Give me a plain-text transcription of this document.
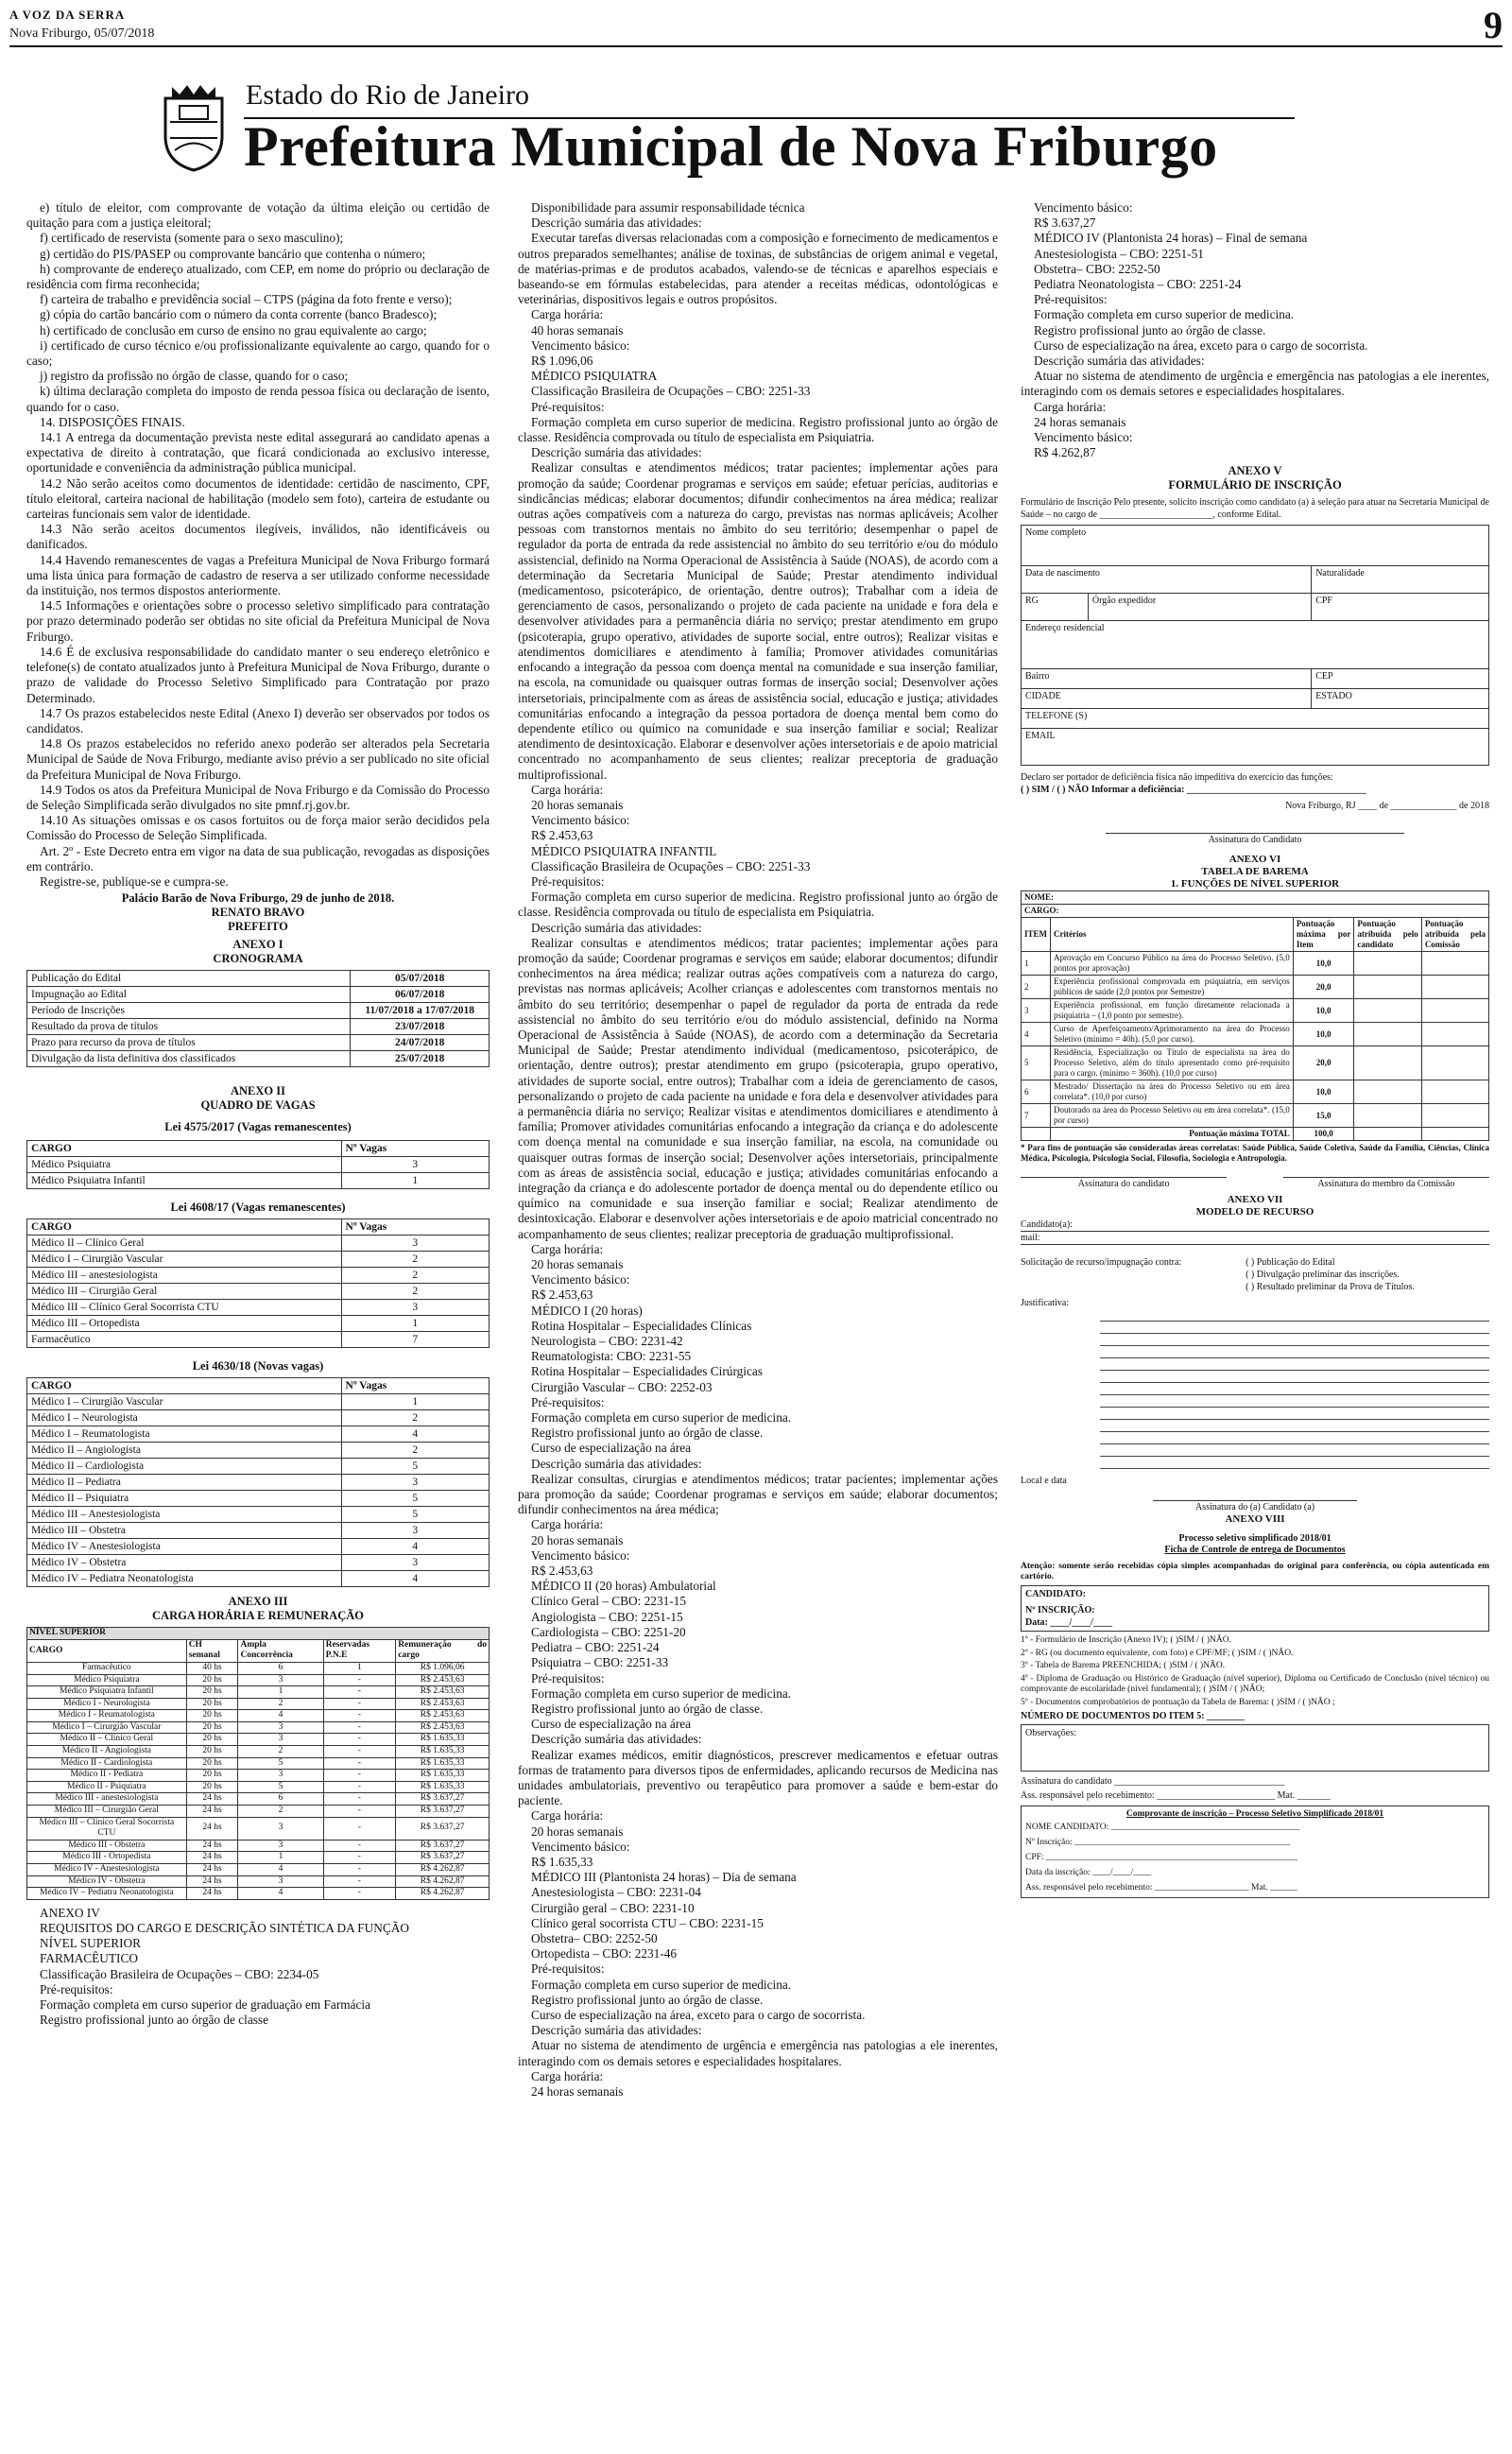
A VOZ DA SERRA
Nova Friburgo, 05/07/2018	9
Estado do Rio de Janeiro
Prefeitura Municipal de Nova Friburgo

e) título de eleitor, com comprovante de votação da última eleição ou certidão de quitação para com a justiça eleitoral;

f) certificado de reservista (somente para o sexo masculino);

g) certidão do PIS/PASEP ou comprovante bancário que contenha o número;

h) comprovante de endereço atualizado, com CEP, em nome do próprio ou declaração de residência com firma reconhecida;

f) carteira de trabalho e previdência social – CTPS (página da foto frente e verso);

g) cópia do cartão bancário com o número da conta corrente (banco Bradesco);

h) certificado de conclusão em curso de ensino no grau equivalente ao cargo;

i) certificado de curso técnico e/ou profissionalizante equivalente ao cargo, quando for o caso;

j) registro da profissão no órgão de classe, quando for o caso;

k) última declaração completa do imposto de renda pessoa física ou declaração de isento, quando for o caso.

14. DISPOSIÇÕES FINAIS.

14.1 A entrega da documentação prevista neste edital assegurará ao candidato apenas a expectativa de direito à contratação, que ficará condicionada ao exclusivo interesse, oportunidade e conveniência da administração pública municipal.

14.2 Não serão aceitos como documentos de identidade: certidão de nascimento, CPF, título eleitoral, carteira nacional de habilitação (modelo sem foto), carteira de estudante ou carteiras funcionais sem valor de identidade.

14.3 Não serão aceitos documentos ilegíveis, inválidos, não identificáveis ou danificados.

14.4 Havendo remanescentes de vagas a Prefeitura Municipal de Nova Friburgo formará uma lista única para formação de cadastro de reserva a ser utilizado conforme necessidade da instituição, nos termos dispostos anteriormente.

14.5 Informações e orientações sobre o processo seletivo simplificado para contratação por prazo determinado poderão ser obtidas no site oficial da Prefeitura Municipal de Nova Friburgo.

14.6 É de exclusiva responsabilidade do candidato manter o seu endereço eletrônico e telefone(s) de contato atualizados junto à Prefeitura Municipal de Nova Friburgo, durante o prazo de validade do Processo Seletivo Simplificado para Contratação por prazo Determinado.

14.7 Os prazos estabelecidos neste Edital (Anexo I) deverão ser observados por todos os candidatos.

14.8 Os prazos estabelecidos no referido anexo poderão ser alterados pela Secretaria Municipal de Saúde de Nova Friburgo, mediante aviso prévio a ser publicado no site oficial da Prefeitura Municipal de Nova Friburgo.

14.9 Todos os atos da Prefeitura Municipal de Nova Friburgo e da Comissão do Processo de Seleção Simplificada serão divulgados no site pmnf.rj.gov.br.

14.10 As situações omissas e os casos fortuitos ou de força maior serão decididos pela Comissão do Processo de Seleção Simplificada.

Art. 2º - Este Decreto entra em vigor na data de sua publicação, revogadas as disposições em contrário.

Registre-se, publique-se e cumpra-se.

Palácio Barão de Nova Friburgo, 29 de junho de 2018.
RENATO BRAVO
PREFEITO
ANEXO I
CRONOGRAMA
Publicação do Edital	05/07/2018
Impugnação ao Edital	06/07/2018
Período de Inscrições	11/07/2018 a 17/07/2018
Resultado da prova de títulos	23/07/2018
Prazo para recurso da prova de títulos	24/07/2018
Divulgação da lista definitiva dos classificados	25/07/2018
ANEXO II
QUADRO DE VAGAS
Lei 4575/2017 (Vagas remanescentes)
CARGO	Nº Vagas
Médico Psiquiatra	3
Médico Psiquiatra Infantil	1
Lei 4608/17 (Vagas remanescentes)
CARGO	Nº Vagas
Médico II – Clínico Geral	3
Médico I – Cirurgião Vascular	2
Médico III – anestesiologista	2
Médico III – Cirurgião Geral	2
Médico III – Clínico Geral Socorrista CTU	3
Médico III – Ortopedista	1
Farmacêutico	7
Lei 4630/18 (Novas vagas)
CARGO	Nº Vagas
Médico I – Cirurgião Vascular	1
Médico I – Neurologista	2
Médico I – Reumatologista	4
Médico II – Angiologista	2
Médico II – Cardiologista	5
Médico II – Pediatra	3
Médico II – Psiquiatra	5
Médico III – Anestesiologista	5
Médico III – Obstetra	3
Médico IV – Anestesiologista	4
Médico IV – Obstetra	3
Médico IV – Pediatra Neonatologista	4
ANEXO III
CARGA HORÁRIA E REMUNERAÇÃO
NÍVEL SUPERIOR				
CARGO	CH semanal	Ampla Concorrência	Reservadas P.N.E	Remuneração do cargo
Farmacêutico	40 hs	6	1	R$ 1.096,06
Médico Psiquiatra	20 hs	3	-	R$ 2.453,63
Médico Psiquiatra Infantil	20 hs	1	-	R$ 2.453,63
Médico I - Neurologista	20 hs	2	-	R$ 2.453,63
Médico I - Reumatologista	20 hs	4	-	R$ 2.453,63
Médico I – Cirurgião Vascular	20 hs	3	-	R$ 2.453,63
Médico II – Clínico Geral	20 hs	3	-	R$ 1.635,33
Médico II - Angiologista	20 hs	2	-	R$ 1.635,33
Médico II - Cardiologista	20 hs	5	-	R$ 1.635,33
Médico II - Pediatra	20 hs	3	-	R$ 1.635,33
Médico II - Psiquiatra	20 hs	5	-	R$ 1.635,33
Médico III - anestesiologista	24 hs	6	-	R$ 3.637,27
Médico III – Cirurgião Geral	24 hs	2	-	R$ 3.637,27
Médico III – Clínico Geral Socorrista CTU	24 hs	3	-	R$ 3.637,27
Médico III - Obstetra	24 hs	3	-	R$ 3.637,27
Médico III - Ortopedista	24 hs	1	-	R$ 3.637,27
Médico IV - Anestesiologista	24 hs	4	-	R$ 4.262,87
Médico IV - Obstetra	24 hs	3	-	R$ 4.262,87
Médico IV – Pediatra Neonatologista	24 hs	4	-	R$ 4.262,87

ANEXO IV

REQUISITOS DO CARGO E DESCRIÇÃO SINTÉTICA DA FUNÇÃO

NÍVEL SUPERIOR

FARMACÊUTICO

Classificação Brasileira de Ocupações – CBO: 2234-05

Pré-requisitos:

Formação completa em curso superior de graduação em Farmácia

Registro profissional junto ao órgão de classe

Disponibilidade para assumir responsabilidade técnica

Descrição sumária das atividades:

Executar tarefas diversas relacionadas com a composição e fornecimento de medicamentos e outros preparados semelhantes; análise de toxinas, de substâncias de origem animal e vegetal, de matérias-primas e de produtos acabados, valendo-se de técnicas e aparelhos especiais e baseando-se em fórmulas estabelecidas, para atender a receitas médicas, odontológicas e veterinárias, dispositivos legais e outros propósitos.

Carga horária:

40 horas semanais

Vencimento básico:

R$ 1.096,06

MÉDICO PSIQUIATRA

Classificação Brasileira de Ocupações – CBO: 2251-33

Pré-requisitos:

Formação completa em curso superior de medicina. Registro profissional junto ao órgão de classe. Residência comprovada ou título de especialista em Psiquiatria.

Descrição sumária das atividades:

Realizar consultas e atendimentos médicos; tratar pacientes; implementar ações para promoção da saúde; Coordenar programas e serviços em saúde; efetuar perícias, auditorias e sindicâncias médicas; elaborar documentos; difundir conhecimentos na área médica; realizar outras ações compatíveis com a natureza do cargo, previstas nas normas aplicáveis; Acolher pessoas com transtornos mentais no âmbito do seu território; desempenhar o papel de regulador da porta de entrada da rede assistencial no âmbito do seu território e/ou do módulo assistencial, definido na Norma Operacional de Assistência à Saúde (NOAS), de acordo com a determinação da Secretaria Municipal de Saúde; Prestar atendimento individual (medicamentoso, psicoterápico, de orientação, dentre outros); Trabalhar com a ideia de gerenciamento de casos, personalizando o projeto de cada paciente na unidade e fora dela e desenvolver atividades para a permanência diária no serviço; prestar atendimento em grupo (psicoterapia, grupo operativo, atividades de suporte social, entre outros); Realizar visitas e atendimentos domiciliares e atendimento à família; Promover atividades comunitárias enfocando a integração da pessoa com doença mental na comunidade e sua inserção familiar, na escola, na comunidade ou quaisquer outras formas de inserção social; Desenvolver ações intersetoriais, principalmente com as áreas de assistência social, educação e justiça; atividades comunitárias enfocando a integração da pessoa portadora de doença mental bem como do dependente etílico ou químico na comunidade e sua inserção familiar e social; Realizar atendimento de desintoxicação. Elaborar e desenvolver ações intersetoriais e de apoio matricial concentrado no acompanhamento de seus clientes; realizar preceptoria de graduação multiprofissional.

Carga horária:

20 horas semanais

Vencimento básico:

R$ 2.453,63

MÉDICO PSIQUIATRA INFANTIL

Classificação Brasileira de Ocupações – CBO: 2251-33

Pré-requisitos:

Formação completa em curso superior de medicina. Registro profissional junto ao órgão de classe. Residência comprovada ou título de especialista em Psiquiatria.

Descrição sumária das atividades:

Realizar consultas e atendimentos médicos; tratar pacientes; implementar ações para promoção da saúde; Coordenar programas e serviços em saúde; elaborar documentos; difundir conhecimentos na área médica; realizar outras ações compatíveis com a natureza do cargo, previstas nas normas aplicáveis; Acolher crianças e adolescentes com transtornos mentais no âmbito do seu território; desempenhar o papel de regulador da porta de entrada da rede assistencial no âmbito do seu território e/ou do módulo assistencial, definido na Norma Operacional de Assistência à Saúde (NOAS), de acordo com a determinação da Secretaria Municipal de Saúde; Prestar atendimento individual (medicamentoso, psicoterápico, de orientação, dentre outros); prestar atendimento em grupo (psicoterapia, grupo operativo, atividades de suporte social, entre outros); Trabalhar com a ideia de gerenciamento de casos, personalizando o projeto de cada paciente na unidade e fora dela e desenvolver atividades para a permanência diária no serviço; Realizar visitas e atendimentos domiciliares e atendimento à família; Promover atividades comunitárias enfocando a integração da criança e do adolescente com doença mental na comunidade e sua inserção familiar, na escola, na comunidade ou quaisquer outras formas de inserção social; Desenvolver ações intersetoriais, principalmente com as áreas de assistência social, educação e justiça; atividades comunitárias enfocando a integração da criança e do adolescente portador de doença mental ou do dependente etílico ou químico na comunidade e sua inserção familiar e social; Realizar atendimento de desintoxicação. Elaborar e desenvolver ações intersetoriais e de apoio matricial concentrado no acompanhamento de seus clientes; realizar preceptoria de graduação multiprofissional.

Carga horária:

20 horas semanais

Vencimento básico:

R$ 2.453,63

MÉDICO I (20 horas)

Rotina Hospitalar – Especialidades Clínicas

Neurologista – CBO: 2231-42

Reumatologista: CBO: 2231-55

Rotina Hospitalar – Especialidades Cirúrgicas

Cirurgião Vascular – CBO: 2252-03

Pré-requisitos:

Formação completa em curso superior de medicina.

Registro profissional junto ao órgão de classe.

Curso de especialização na área

Descrição sumária das atividades:

Realizar consultas, cirurgias e atendimentos médicos; tratar pacientes; implementar ações para promoção da saúde; Coordenar programas e serviços em saúde; elaborar documentos; difundir conhecimentos na área médica;

Carga horária:

20 horas semanais

Vencimento básico:

R$ 2.453,63

MÉDICO II (20 horas) Ambulatorial

Clínico Geral – CBO: 2231-15

Angiologista – CBO: 2251-15

Cardiologista – CBO: 2251-20

Pediatra – CBO: 2251-24

Psiquiatra – CBO: 2251-33

Pré-requisitos:

Formação completa em curso superior de medicina.

Registro profissional junto ao órgão de classe.

Curso de especialização na área

Descrição sumária das atividades:

Realizar exames médicos, emitir diagnósticos, prescrever medicamentos e efetuar outras formas de tratamento para diversos tipos de enfermidades, aplicando recursos de Medicina nas unidades ambulatoriais, preventivo ou terapêutico para promover a saúde e bem-estar do paciente.

Carga horária:

20 horas semanais

Vencimento básico:

R$ 1.635,33

MÉDICO III (Plantonista 24 horas) – Dia de semana

Anestesiologista – CBO: 2231-04

Cirurgião geral – CBO: 2231-10

Clínico geral socorrista CTU – CBO: 2231-15

Obstetra– CBO: 2252-50

Ortopedista – CBO: 2231-46

Pré-requisitos:

Formação completa em curso superior de medicina.

Registro profissional junto ao órgão de classe.

Curso de especialização na área, exceto para o cargo de socorrista.

Descrição sumária das atividades:

Atuar no sistema de atendimento de urgência e emergência nas patologias a ele inerentes, interagindo com os demais setores e especialidades hospitalares.

Carga horária:

24 horas semanais

Vencimento básico:

R$ 3.637,27

MÉDICO IV (Plantonista 24 horas) – Final de semana

Anestesiologista – CBO: 2251-51

Obstetra– CBO: 2252-50

Pediatra Neonatologista – CBO: 2251-24

Pré-requisitos:

Formação completa em curso superior de medicina.

Registro profissional junto ao órgão de classe.

Curso de especialização na área, exceto para o cargo de socorrista.

Descrição sumária das atividades:

Atuar no sistema de atendimento de urgência e emergência nas patologias a ele inerentes, interagindo com os demais setores e especialidades hospitalares.

Carga horária:

24 horas semanais

Vencimento básico:

R$ 4.262,87

ANEXO V
FORMULÁRIO DE INSCRIÇÃO
Formulário de Inscrição Pelo presente, solicito inscrição como candidato (a) à seleção para atuar na Secretaria Municipal de Saúde – no cargo de ________________________, conforme Edital.
Nome completo		
Data de nascimento		Naturalidade
RG	Órgão expedidor	CPF
Endereço residencial		
Bairro		CEP
CIDADE		ESTADO
TELEFONE (S)		
EMAIL		
Declaro ser portador de deficiência física não impeditiva do exercício das funções:
( ) SIM / ( ) NÃO Informar a deficiência: ______________________________________
Nova Friburgo, RJ ____ de ______________ de 2018
Assinatura do Candidato
ANEXO VI
TABELA DE BAREMA
1. FUNÇÕES DE NÍVEL SUPERIOR
NOME:				
CARGO:				
ITEM	Critérios	Pontuação máxima por Item	Pontuação atribuída pelo candidato	Pontuação atribuída pela Comissão
1	Aprovação em Concurso Público na área do Processo Seletivo. (5,0 pontos por aprovação)	10,0		
2	Experiência profissional comprovada em psiquiatria, em serviços públicos de saúde (2,0 pontos por Semestre)	20,0		
3	Experiência profissional, em função diretamente relacionada a psiquiatria – (1,0 ponto por semestre).	10,0		
4	Curso de Aperfeiçoamento/Aprimoramento na área do Processo Seletivo (mínimo = 40h). (5,0 por curso).	10,0		
5	Residência, Especialização ou Título de especialista na área do Processo Seletivo, além do título apresentado como pré-requisito para o cargo. (mínimo = 360h). (10,0 por curso)	20,0		
6	Mestrado/ Dissertação na área do Processo Seletivo ou em área correlata*. (10,0 por curso)	10,0		
7	Doutorado na área do Processo Seletivo ou em área correlata*. (15,0 por curso)	15,0		
	Pontuação máxima TOTAL	100,0		
* Para fins de pontuação são consideradas áreas correlatas: Saúde Pública, Saúde Coletiva, Saúde da Família, Ciências, Clínica Médica, Psicologia, Psicologia Social, Filosofia, Sociologia e Antropologia.
Assinatura do candidato	Assinatura do membro da Comissão
ANEXO VII
MODELO DE RECURSO
Candidato(a):
mail:
Solicitação de recurso/impugnação contra:	( ) Publicação do Edital
( ) Divulgação preliminar das inscrições.
( ) Resultado preliminar da Prova de Títulos.
Justificativa:
Local e data
Assinatura do (a) Candidato (a)
ANEXO VIII
Processo seletivo simplificado 2018/01
Ficha de Controle de entrega de Documentos
Atenção: somente serão recebidas cópia simples acompanhadas do original para conferência, ou cópia autenticada em cartório.
CANDIDATO:
Nº INSCRIÇÃO:
Data: ____/____/____
1º - Formulário de Inscrição (Anexo IV); ( )SIM / ( )NÃO.
2º - RG (ou documento equivalente, com foto) e CPF/MF; ( )SIM / ( )NÃO.
3º - Tabela de Barema PREENCHIDA; ( )SIM / ( )NÃO.
4º - Diploma de Graduação ou Histórico de Graduação (nível superior), Diploma ou Certificado de Conclusão (nível técnico) ou comprovante de escolaridade (nível fundamental); ( )SIM / ( )NÃO;
5º - Documentos comprobatórios de pontuação da Tabela de Barema: ( )SIM / ( )NÃO ;
NÚMERO DE DOCUMENTOS DO ITEM 5: ________
Observações:
Assinatura do candidato ____________________________________
Ass. responsável pelo recebimento: _________________________ Mat. _______
Comprovante de inscrição – Processo Seletivo Simplificado 2018/01
NOME CANDIDATO: __________________________________________
Nº Inscrição: ________________________________________________
CPF: ________________________________________________________
Data da inscrição: ____/____/____
Ass. responsável pelo recebimento: _____________________ Mat. ______
